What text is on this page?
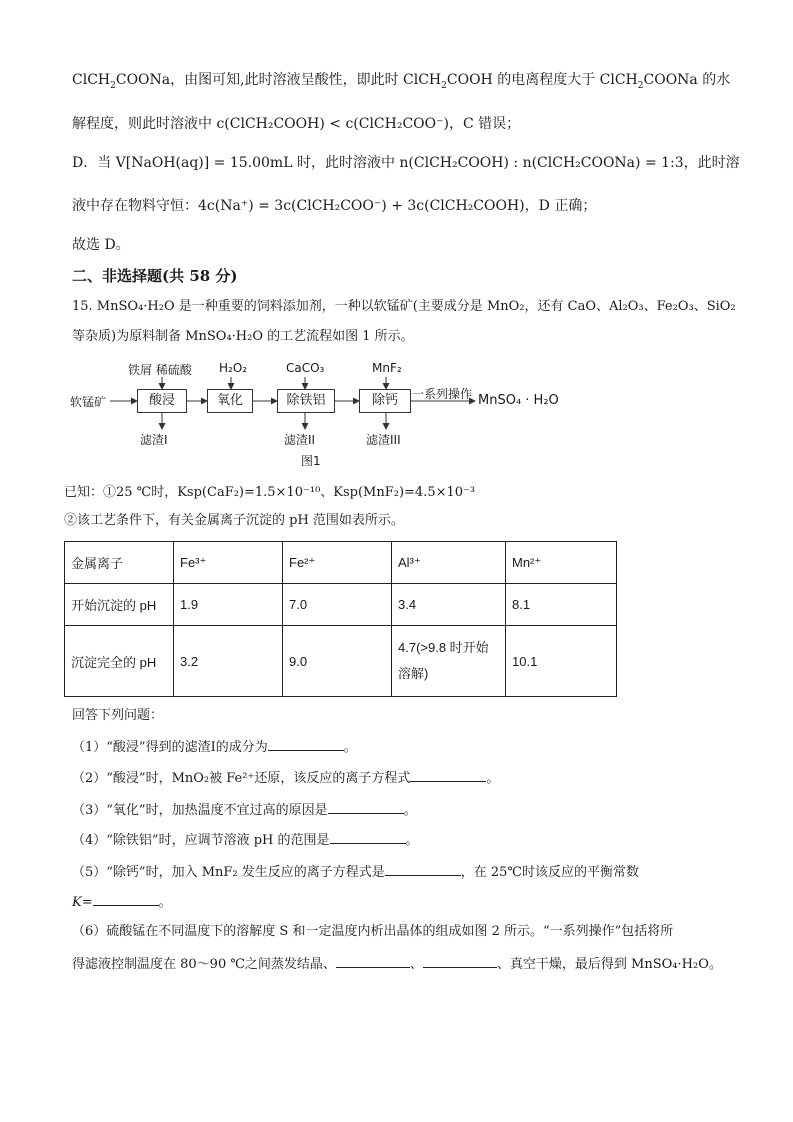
ClCH$_2$COONa，由图可知,此时溶液呈酸性，即此时 ClCH$_2$COOH 的电离程度大于 ClCH$_2$COONa 的水
解程度，则此时溶液中 c(ClCH₂COOH) < c(ClCH₂COO⁻)，C 错误；
D．当 V[NaOH(aq)] = 15.00mL 时，此时溶液中 n(ClCH₂COOH) : n(ClCH₂COONa) = 1:3，此时溶
液中存在物料守恒：4c(Na⁺) = 3c(ClCH₂COO⁻) + 3c(ClCH₂COOH)，D 正确；
故选 D。
二、非选择题(共 58 分)
15. MnSO₄·H₂O 是一种重要的饲料添加剂，一种以软锰矿(主要成分是 MnO₂，还有 CaO、Al₂O₃、Fe₂O₃、SiO₂
等杂质)为原料制备 MnSO₄·H₂O 的工艺流程如图 1 所示。
软锰矿	酸浸	氧化	除铁铝	除钙
铁屑 稀硫酸 H₂O₂	CaCO₃	MnF₂
滤渣I	滤渣II	滤渣III
一系列操作 MnSO₄ · H₂O
图1
已知：①25 ℃时，Ksp(CaF₂)=1.5×10⁻¹⁰、Ksp(MnF₂)=4.5×10⁻³
②该工艺条件下，有关金属离子沉淀的 pH 范围如表所示。
金属离子	Fe³⁺	Fe²⁺	Al³⁺	Mn²⁺
开始沉淀的 pH	1.9	7.0	3.4	8.1
沉淀完全的 pH	3.2	9.0	4.7(>9.8 时开始
溶解)	10.1
回答下列问题：
（1）“酸浸”得到的滤渣I的成分为	。
（2）“酸浸”时，MnO₂被 Fe²⁺还原，该反应的离子方程式	。
（3）“氧化”时，加热温度不宜过高的原因是	。
（4）“除铁铝”时，应调节溶液 pH 的范围是	。
（5）“除钙”时，加入 MnF₂ 发生反应的离子方程式是	，在 25℃时该反应的平衡常数
K=	。
（6）硫酸锰在不同温度下的溶解度 S 和一定温度内析出晶体的组成如图 2 所示。“一系列操作”包括将所
得滤液控制温度在 80～90 ℃之间蒸发结晶、	、	、真空干燥，最后得到 MnSO₄·H₂O。
